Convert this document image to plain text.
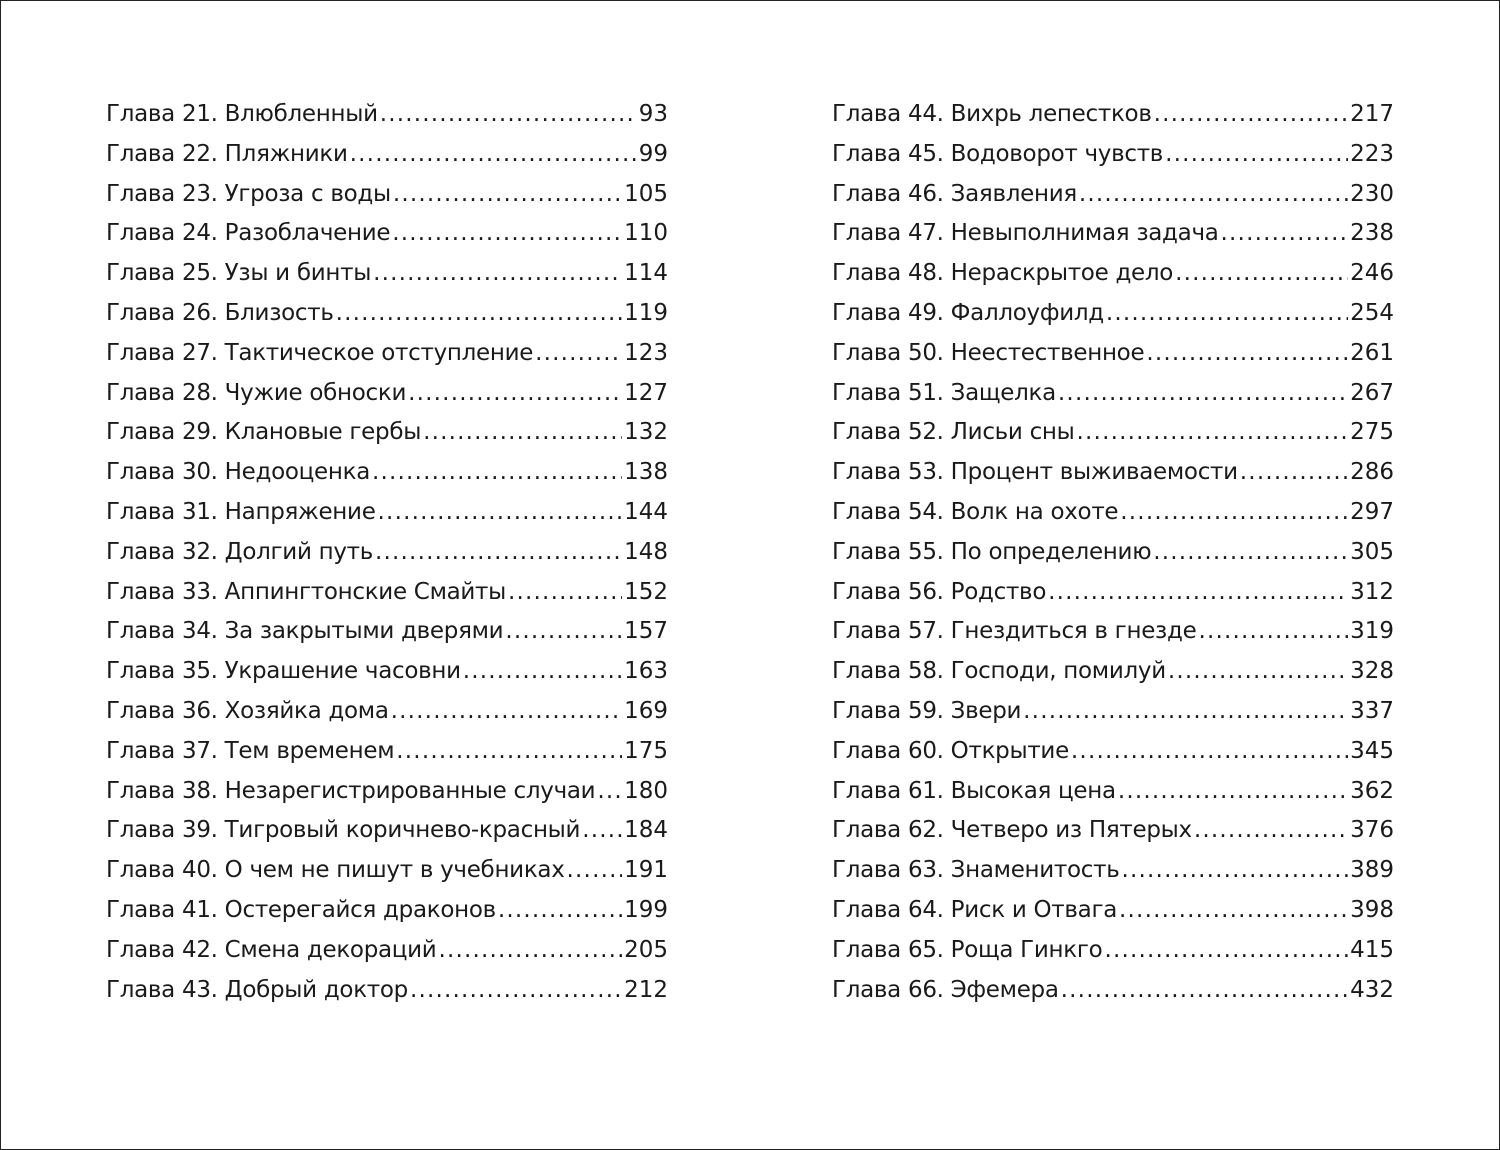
Глава 21. Влюбленный .....	93
Глава 22. Пляжники .....	99
Глава 23. Угроза с воды .....	105
Глава 24. Разоблачение .....	110
Глава 25. Узы и бинты .....	114
Глава 26. Близость .....	119
Глава 27. Тактическое отступление .....	123
Глава 28. Чужие обноски .....	127
Глава 29. Клановые гербы .....	132
Глава 30. Недооценка .....	138
Глава 31. Напряжение .....	144
Глава 32. Долгий путь .....	148
Глава 33. Аппингтонские Смайты .....	152
Глава 34. За закрытыми дверями .....	157
Глава 35. Украшение часовни .....	163
Глава 36. Хозяйка дома .....	169
Глава 37. Тем временем .....	175
Глава 38. Незарегистрированные случаи ..... 180
Глава 39. Тигровый коричнево-красный ..... 184
Глава 40. О чем не пишут в учебниках .....	191
Глава 41. Остерегайся драконов .....	199
Глава 42. Смена декораций .....	205
Глава 43. Добрый доктор .....	212
Глава 44. Вихрь лепестков .....	217
Глава 45. Водоворот чувств .....	223
Глава 46. Заявления .....	230
Глава 47. Невыполнимая задача .....	238
Глава 48. Нераскрытое дело .....	246
Глава 49. Фаллоуфилд .....	254
Глава 50. Неестественное .....	261
Глава 51. Защелка .....	267
Глава 52. Лисьи сны .....	275
Глава 53. Процент выживаемости .....	286
Глава 54. Волк на охоте .....	297
Глава 55. По определению .....	305
Глава 56. Родство .....	312
Глава 57. Гнездиться в гнезде .....	319
Глава 58. Господи, помилуй .....	328
Глава 59. Звери .....	337
Глава 60. Открытие .....	345
Глава 61. Высокая цена .....	362
Глава 62. Четверо из Пятерых .....	376
Глава 63. Знаменитость .....	389
Глава 64. Риск и Отвага .....	398
Глава 65. Роща Гинкго .....	415
Глава 66. Эфемера .....	432
